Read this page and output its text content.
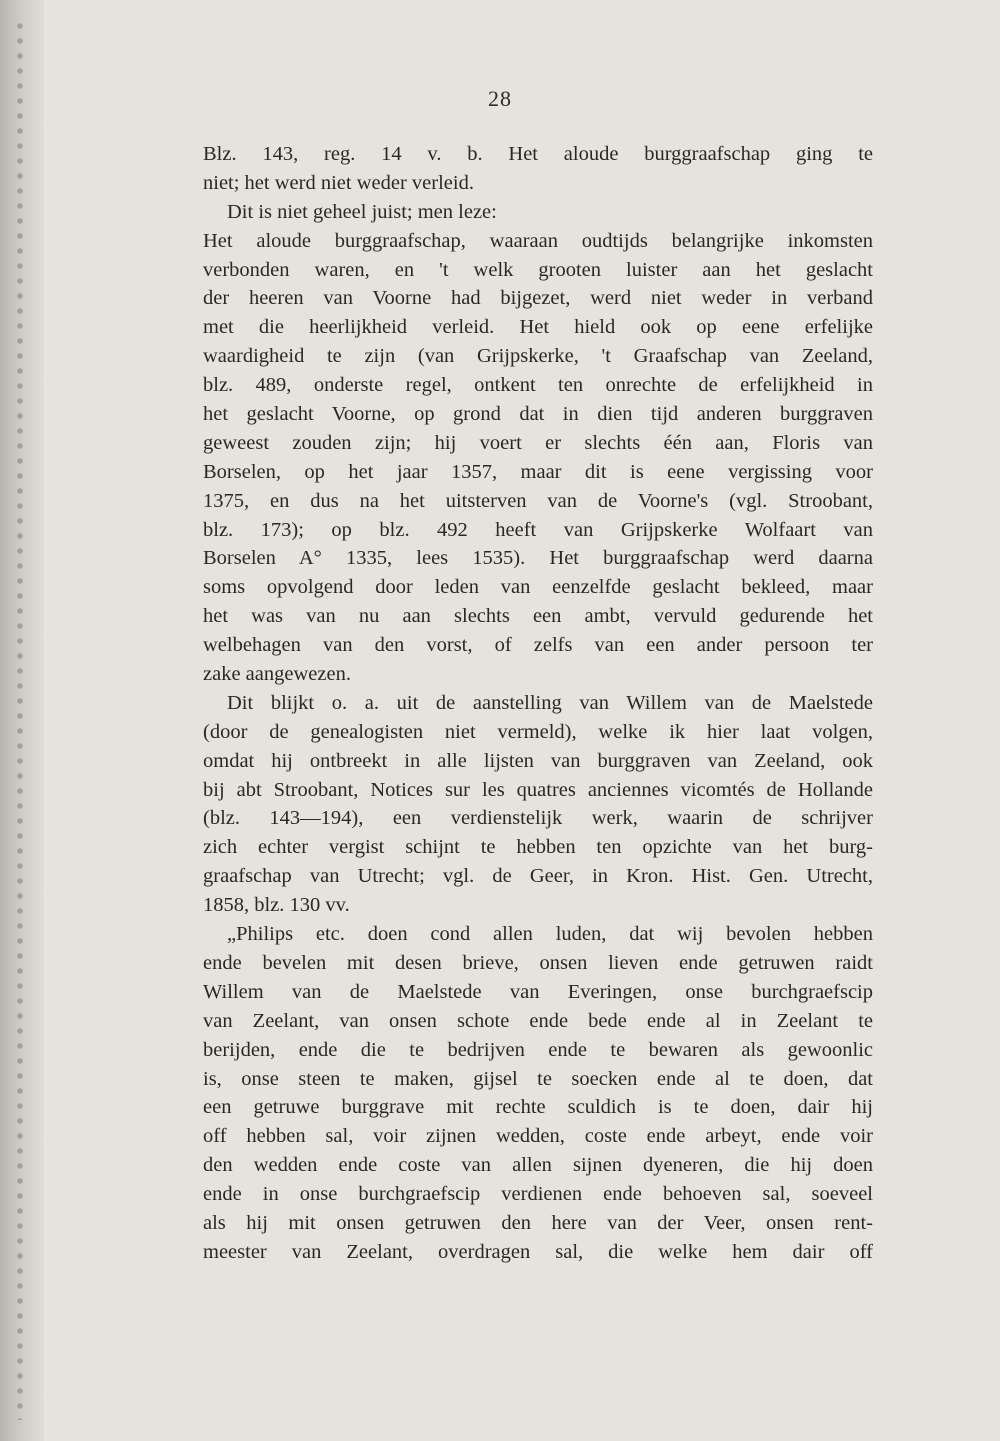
28
Blz. 143, reg. 14 v. b. Het aloude burggraafschap ging te
niet; het werd niet weder verleid.
Dit is niet geheel juist; men leze:
Het aloude burggraafschap, waaraan oudtijds belangrijke inkomsten
verbonden waren, en 't welk grooten luister aan het geslacht
der heeren van Voorne had bijgezet, werd niet weder in verband
met die heerlijkheid verleid. Het hield ook op eene erfelijke
waardigheid te zijn (van Grijpskerke, 't Graafschap van Zeeland,
blz. 489, onderste regel, ontkent ten onrechte de erfelijkheid in
het geslacht Voorne, op grond dat in dien tijd anderen burggraven
geweest zouden zijn; hij voert er slechts één aan, Floris van
Borselen, op het jaar 1357, maar dit is eene vergissing voor
1375, en dus na het uitsterven van de Voorne's (vgl. Stroobant,
blz. 173); op blz. 492 heeft van Grijpskerke Wolfaart van
Borselen A° 1335, lees 1535). Het burggraafschap werd daarna
soms opvolgend door leden van eenzelfde geslacht bekleed, maar
het was van nu aan slechts een ambt, vervuld gedurende het
welbehagen van den vorst, of zelfs van een ander persoon ter
zake aangewezen.
Dit blijkt o. a. uit de aanstelling van Willem van de Maelstede
(door de genealogisten niet vermeld), welke ik hier laat volgen,
omdat hij ontbreekt in alle lijsten van burggraven van Zeeland, ook
bij abt Stroobant, Notices sur les quatres anciennes vicomtés de Hollande
(blz. 143—194), een verdienstelijk werk, waarin de schrijver
zich echter vergist schijnt te hebben ten opzichte van het burg-
graafschap van Utrecht; vgl. de Geer, in Kron. Hist. Gen. Utrecht,
1858, blz. 130 vv.
„Philips etc. doen cond allen luden, dat wij bevolen hebben
ende bevelen mit desen brieve, onsen lieven ende getruwen raidt
Willem van de Maelstede van Everingen, onse burchgraefscip
van Zeelant, van onsen schote ende bede ende al in Zeelant te
berijden, ende die te bedrijven ende te bewaren als gewoonlic
is, onse steen te maken, gijsel te soecken ende al te doen, dat
een getruwe burggrave mit rechte sculdich is te doen, dair hij
off hebben sal, voir zijnen wedden, coste ende arbeyt, ende voir
den wedden ende coste van allen sijnen dyeneren, die hij doen
ende in onse burchgraefscip verdienen ende behoeven sal, soeveel
als hij mit onsen getruwen den here van der Veer, onsen rent-
meester van Zeelant, overdragen sal, die welke hem dair off
